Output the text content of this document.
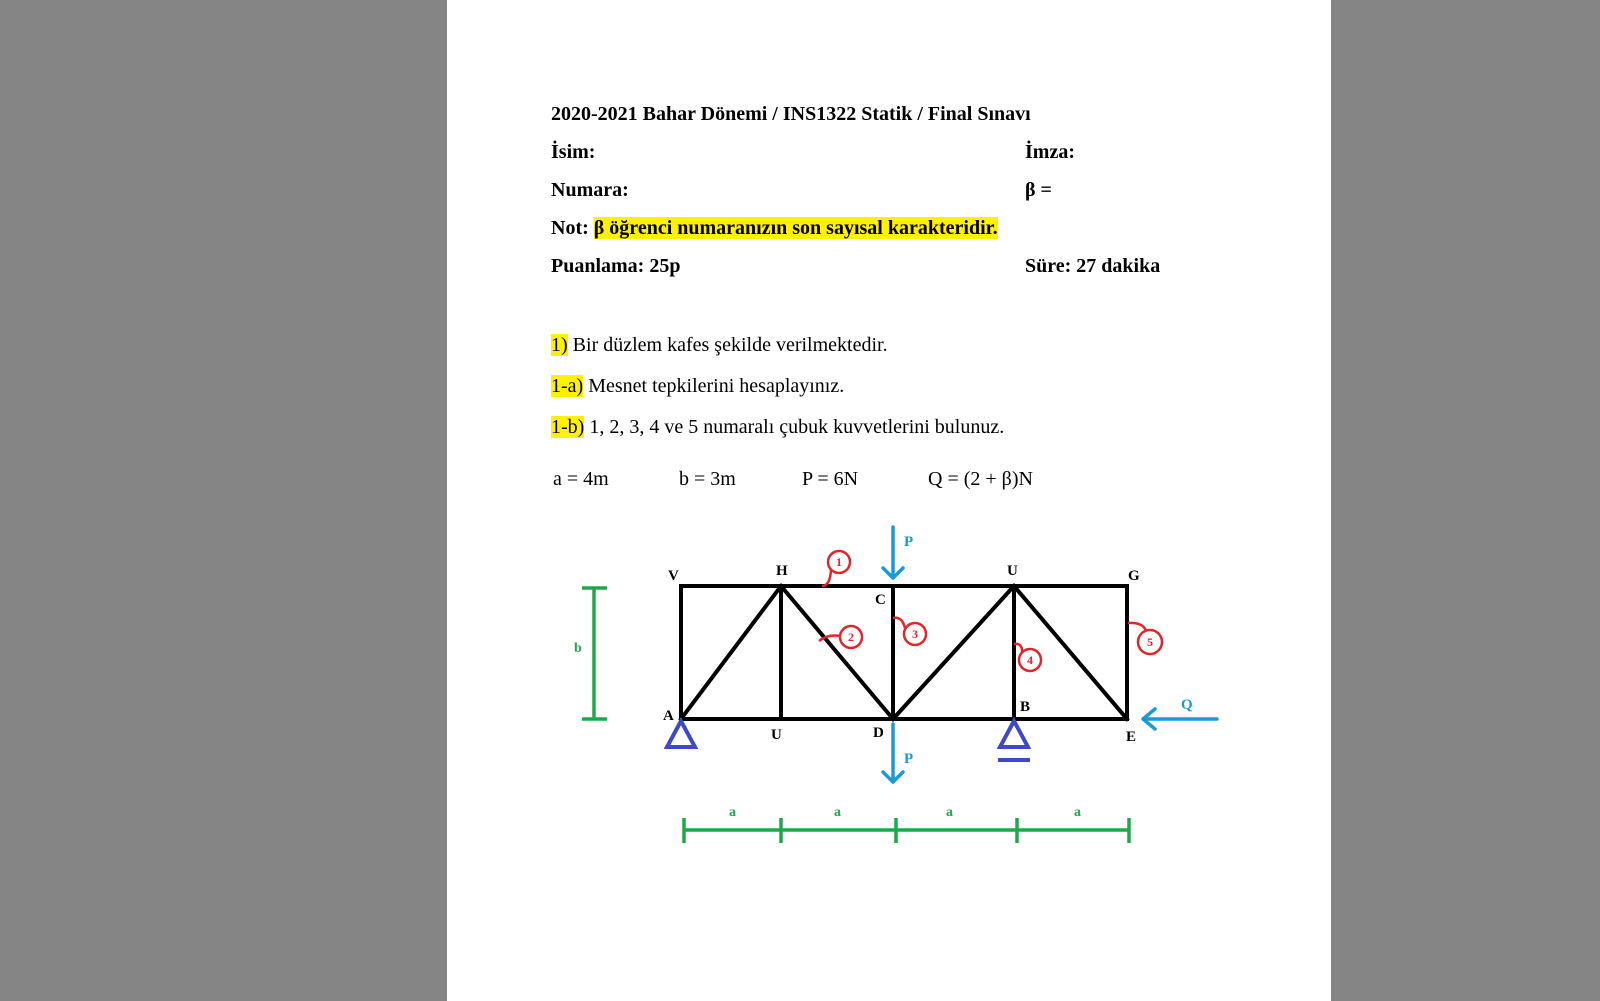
2020-2021 Bahar Dönemi / INS1322 Statik / Final Sınavı
İsim:	İmza:
Numara:	β =
Not: β öğrenci numaranızın son sayısal karakteridir.
Puanlama: 25p	Süre: 27 dakika
1) Bir düzlem kafes şekilde verilmektedir.
1-a) Mesnet tepkilerini hesaplayınız.
1-b) 1, 2, 3, 4 ve 5 numaralı çubuk kuvvetlerini bulunuz.
a = 4m	b = 3m	P = 6N	Q = (2 + β)N
V	H
C
U	G
A
U	D
B
E
P
P
Q
b
a	a	a	a
1
2	3
4
5
